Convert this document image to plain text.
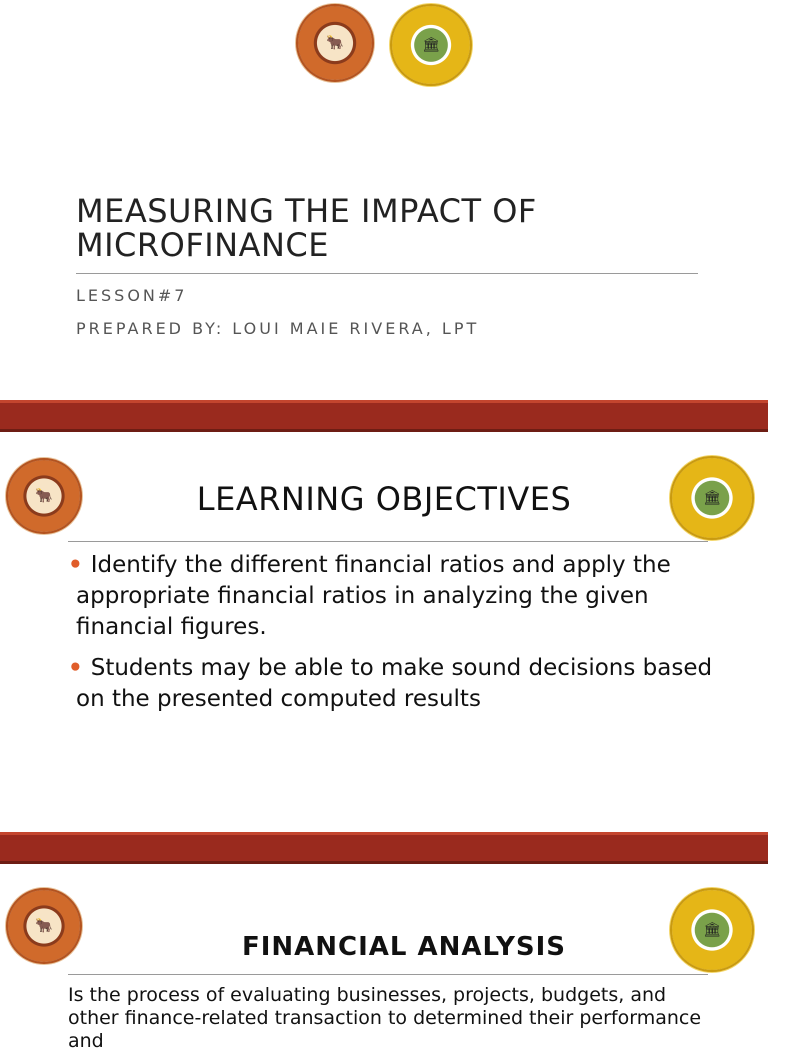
🐂	🏛
MEASURING THE IMPACT OF MICROFINANCE
LESSON#7
PREPARED BY: LOUI MAIE RIVERA, LPT
🐂	🏛
LEARNING OBJECTIVES
• Identify the different financial ratios and apply the appropriate financial ratios in analyzing the given financial figures.
• Students may be able to make sound decisions based on the presented computed results
🐂	🏛
FINANCIAL ANALYSIS
Is the process of evaluating businesses, projects, budgets, and other finance-related transaction to determined their performance and
